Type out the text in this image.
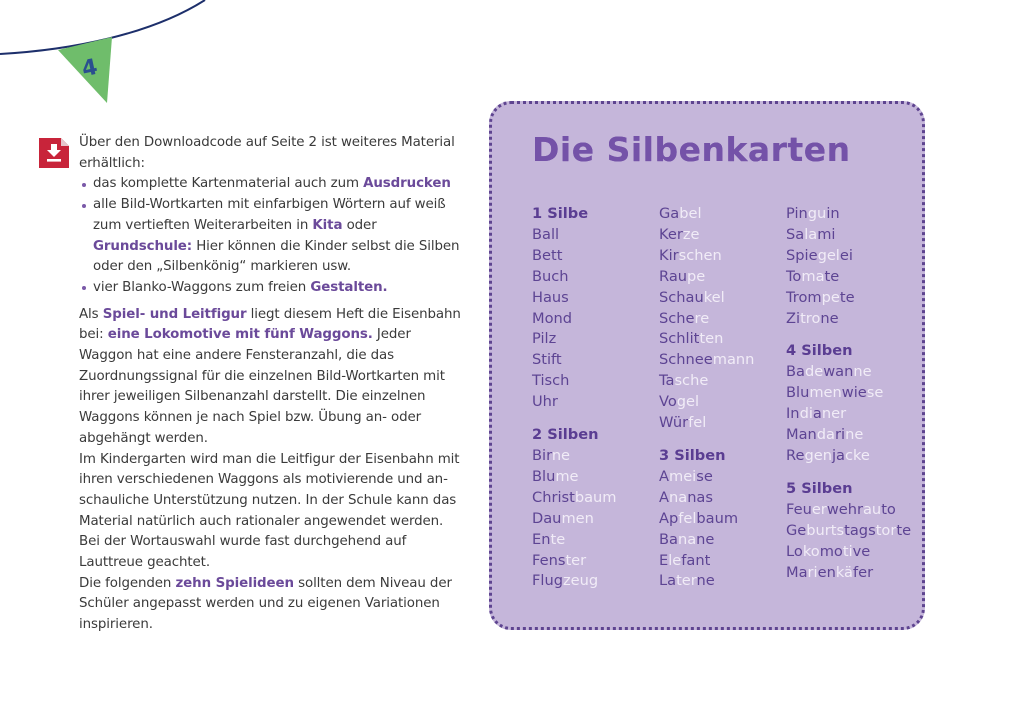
4

Über den Downloadcode auf Seite 2 ist weiteres Material erhältlich:

das komplette Kartenmaterial auch zum Ausdrucken
alle Bild-Wortkarten mit einfarbigen Wörtern auf weiß zum vertieften Weiterarbeiten in Kita oder Grundschule: Hier können die Kinder selbst die Silben oder den „Silbenkönig“ markieren usw.
vier Blanko-Waggons zum freien Gestalten.

Als Spiel- und Leitfigur liegt diesem Heft die Eisenbahn bei: eine Lokomotive mit fünf Waggons. Jeder Waggon hat eine andere Fensteranzahl, die das Zuordnungssignal für die einzelnen Bild-Wortkarten mit ihrer jeweiligen Silbenanzahl darstellt. Die einzelnen Waggons können je nach Spiel bzw. Übung an- oder abgehängt werden.

Im Kindergarten wird man die Leitfigur der Eisenbahn mit ihren verschiedenen Waggons als motivierende und an-schauliche Unterstützung nutzen. In der Schule kann das Material natürlich auch rationaler angewendet werden.

Bei der Wortauswahl wurde fast durchgehend auf Lauttreue geachtet.

Die folgenden zehn Spielideen sollten dem Niveau der Schüler angepasst werden und zu eigenen Variationen inspirieren.

Die Silbenkarten
1 Silbe
Ball
Bett
Buch
Haus
Mond
Pilz
Stift
Tisch
Uhr
2 Silben
Birne
Blume
Christbaum
Daumen
Ente
Fenster
Flugzeug
Gabel
Kerze
Kirschen
Raupe
Schaukel
Schere
Schlitten
Schneemann
Tasche
Vogel
Würfel
3 Silben
Ameise
Ananas
Apfelbaum
Banane
Elefant
Laterne
Pinguin
Salami
Spiegelei
Tomate
Trompete
Zitrone
4 Silben
Badewanne
Blumenwiese
Indianer
Mandarine
Regenjacke
5 Silben
Feuerwehrauto
Geburtstagstorte
Lokomotive
Marienkäfer
